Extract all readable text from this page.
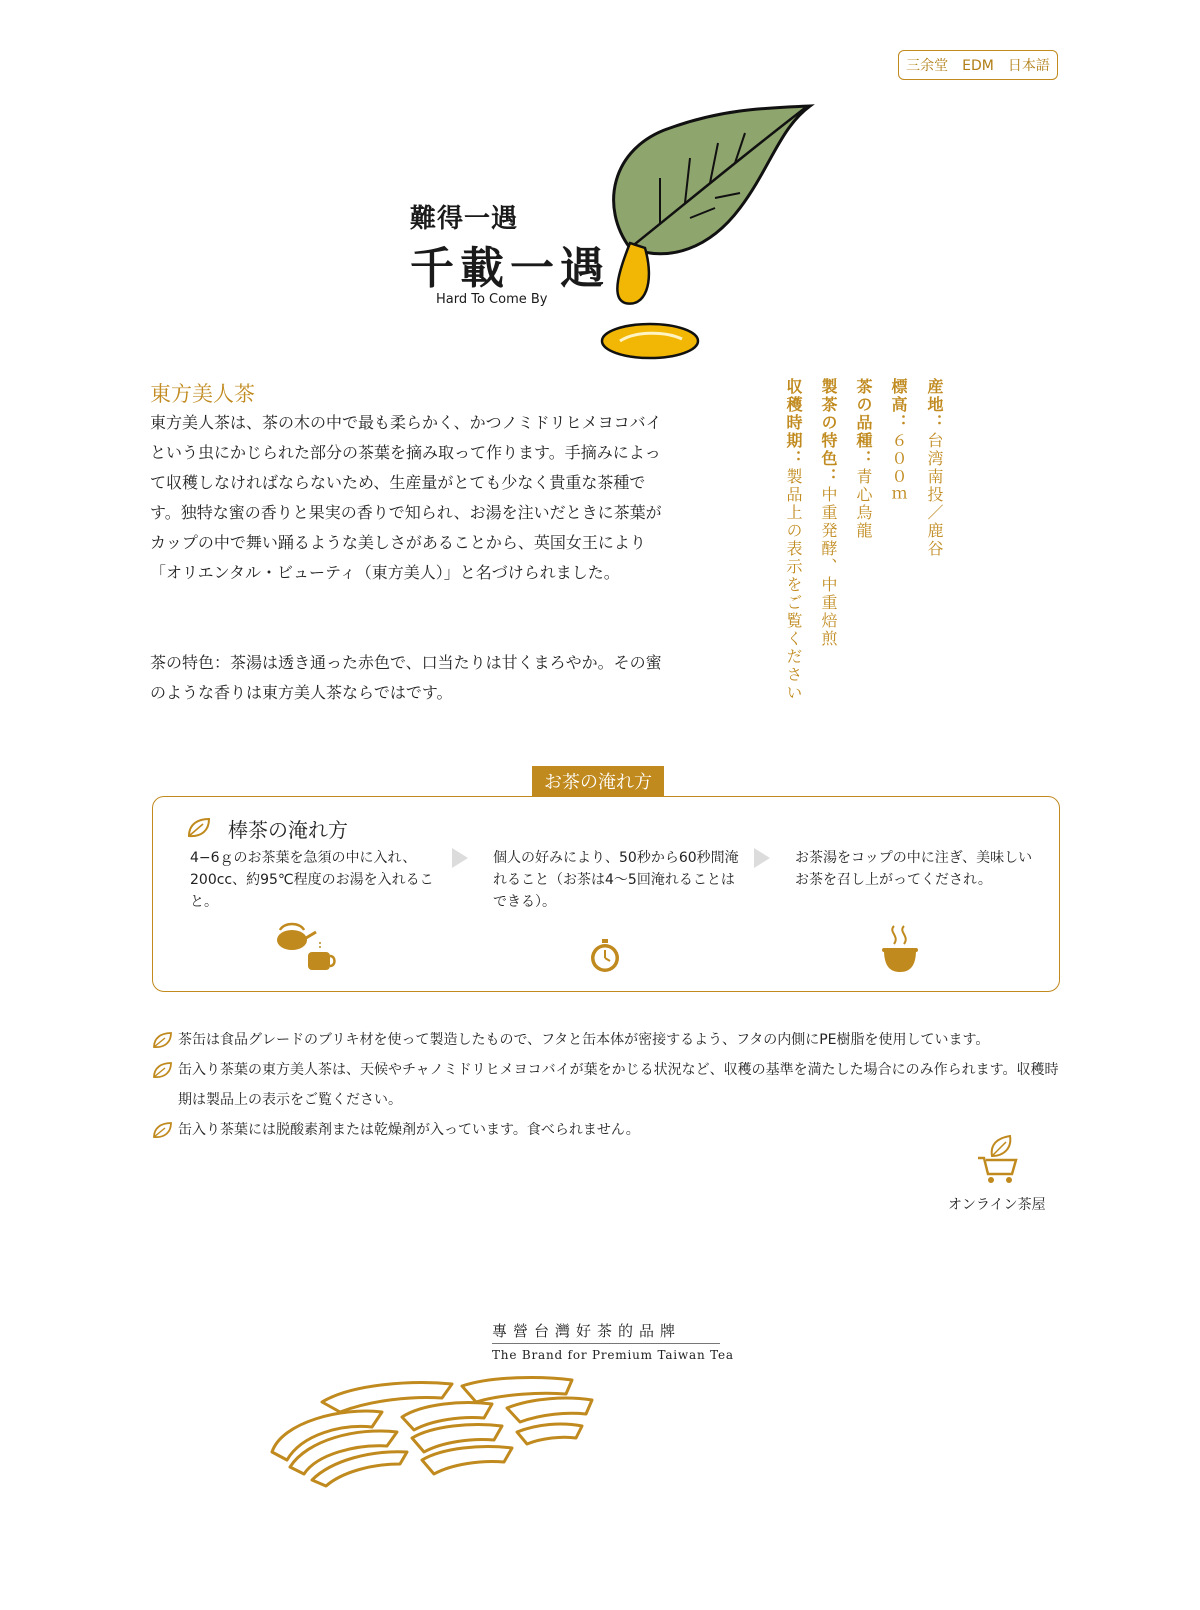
三余堂　EDM　日本語
難得一遇
千載一遇
Hard To Come By
東方美人茶

東方美人茶は、茶の木の中で最も柔らかく、かつノミドリヒメヨコバイという虫にかじられた部分の茶葉を摘み取って作ります。手摘みによって収穫しなければならないため、生産量がとても少なく貴重な茶種です。独特な蜜の香りと果実の香りで知られ、お湯を注いだときに茶葉がカップの中で舞い踊るような美しさがあることから、英国女王により「オリエンタル・ビューティ（東方美人）」と名づけられました。

茶の特色：茶湯は透き通った赤色で、口当たりは甘くまろやか。その蜜のような香りは東方美人茶ならではです。

産地：台湾南投／鹿谷
標高：６００ｍ
茶の品種：青心烏龍
製茶の特色：中重発酵、中重焙煎
収穫時期：製品上の表示をご覧ください
お茶の淹れ方
棒茶の淹れ方
4−6ｇのお茶葉を急須の中に入れ、200cc、約95℃程度のお湯を入れること。
個人の好みにより、50秒から60秒間淹れること（お茶は4〜5回淹れることはできる）。
お茶湯をコップの中に注ぎ、美味しいお茶を召し上がってくだされ。
茶缶は食品グレードのブリキ材を使って製造したもので、フタと缶本体が密接するよう、フタの内側にPE樹脂を使用しています。
缶入り茶葉の東方美人茶は、天候やチャノミドリヒメヨコバイが葉をかじる状況など、収穫の基準を満たした場合にのみ作られます。収穫時期は製品上の表示をご覧ください。
缶入り茶葉には脱酸素剤または乾燥剤が入っています。食べられません。
オンライン茶屋
專營台灣好茶的品牌
The Brand for Premium Taiwan Tea
